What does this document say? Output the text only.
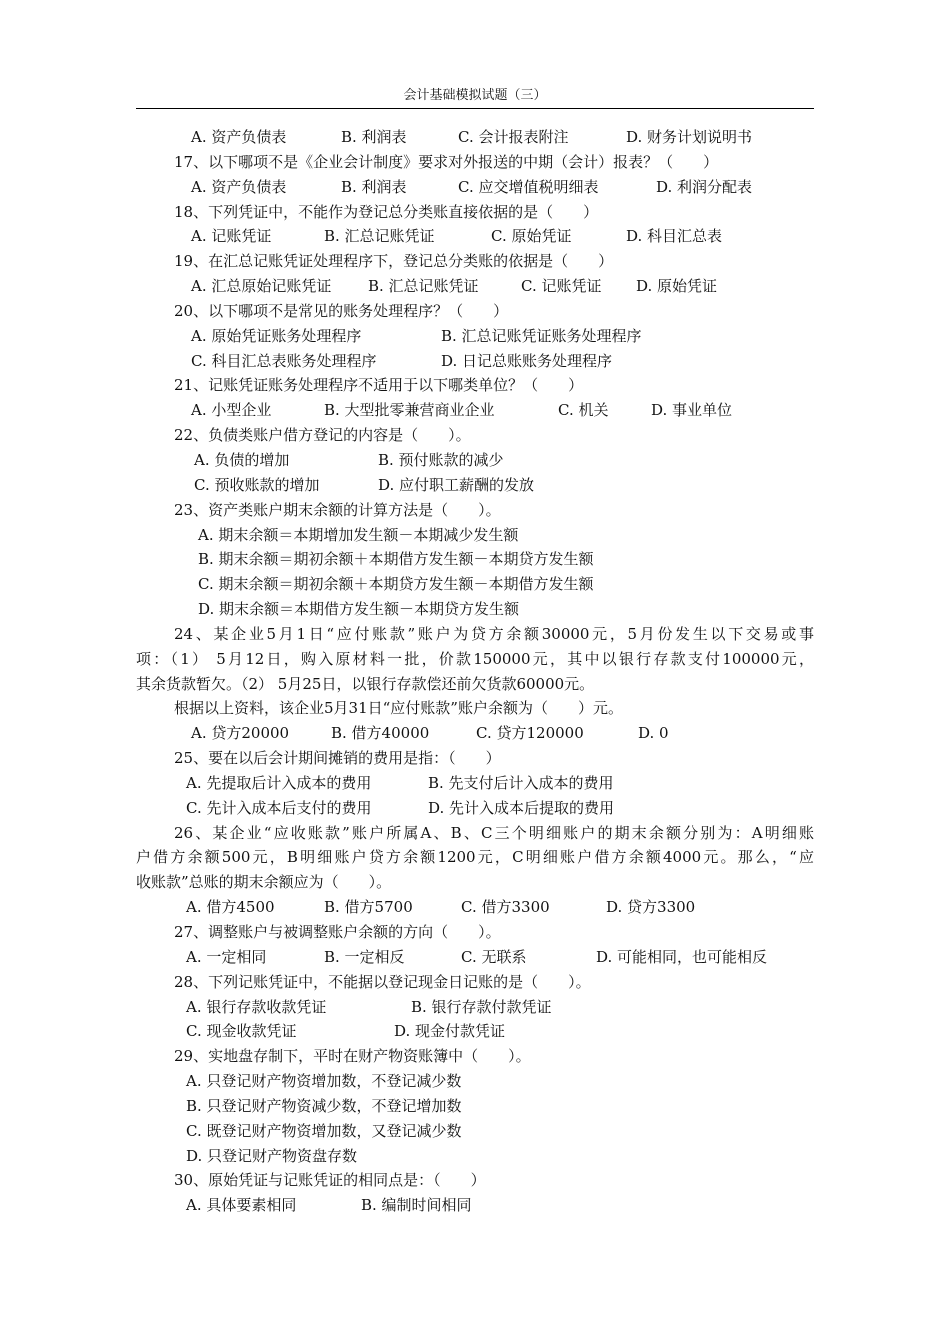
会计基础模拟试题（三）
A. 资产负债表	B. 利润表	C. 会计报表附注	D. 财务计划说明书
17、以下哪项不是《企业会计制度》要求对外报送的中期（会计）报表？（　　）
A. 资产负债表	B. 利润表	C. 应交增值税明细表	D. 利润分配表
18、下列凭证中，不能作为登记总分类账直接依据的是（　　）
A. 记账凭证	B. 汇总记账凭证	C. 原始凭证	D. 科目汇总表
19、在汇总记账凭证处理程序下，登记总分类账的依据是（　　）
A. 汇总原始记账凭证 B. 汇总记账凭证	C. 记账凭证 D. 原始凭证
20、以下哪项不是常见的账务处理程序？（　　）
A. 原始凭证账务处理程序	B. 汇总记账凭证账务处理程序
C. 科目汇总表账务处理程序	D. 日记总账账务处理程序
21、记账凭证账务处理程序不适用于以下哪类单位？（　　）
A. 小型企业	B. 大型批零兼营商业企业	C. 机关	D. 事业单位
22、负债类账户借方登记的内容是（　　）。
A. 负债的增加	B. 预付账款的减少
C. 预收账款的增加	D. 应付职工薪酬的发放
23、资产类账户期末余额的计算方法是（　　）。
A. 期末余额＝本期增加发生额－本期减少发生额
B. 期末余额＝期初余额＋本期借方发生额－本期贷方发生额
C. 期末余额＝期初余额＋本期贷方发生额－本期借方发生额
D. 期末余额＝本期借方发生额－本期贷方发生额
24、某企业5月1日“应付账款”账户为贷方余额30000元，5月份发生以下交易或事
项：（1） 5月12日，购入原材料一批，价款150000元，其中以银行存款支付100000元，
其余货款暂欠。（2） 5月25日，以银行存款偿还前欠货款60000元。
根据以上资料，该企业5月31日“应付账款”账户余额为（　　）元。
A. 贷方20000	B. 借方40000	C. 贷方120000	D. 0
25、要在以后会计期间摊销的费用是指：（　　）
A. 先提取后计入成本的费用	B. 先支付后计入成本的费用
C. 先计入成本后支付的费用	D. 先计入成本后提取的费用
26、某企业“应收账款”账户所属A、B、C三个明细账户的期末余额分别为：A明细账
户借方余额500元，B明细账户贷方余额1200元，C明细账户借方余额4000元。那么，“应
收账款”总账的期末余额应为（　　）。
A. 借方4500	B. 借方5700	C. 借方3300	D. 贷方3300
27、调整账户与被调整账户余额的方向（　　）。
A. 一定相同	B. 一定相反	C. 无联系	D. 可能相同，也可能相反
28、下列记账凭证中，不能据以登记现金日记账的是（　　）。
A. 银行存款收款凭证	B. 银行存款付款凭证
C. 现金收款凭证	D. 现金付款凭证
29、实地盘存制下，平时在财产物资账簿中（　　）。
A. 只登记财产物资增加数，不登记减少数
B. 只登记财产物资减少数，不登记增加数
C. 既登记财产物资增加数，又登记减少数
D. 只登记财产物资盘存数
30、原始凭证与记账凭证的相同点是：（　　）
A. 具体要素相同	B. 编制时间相同
